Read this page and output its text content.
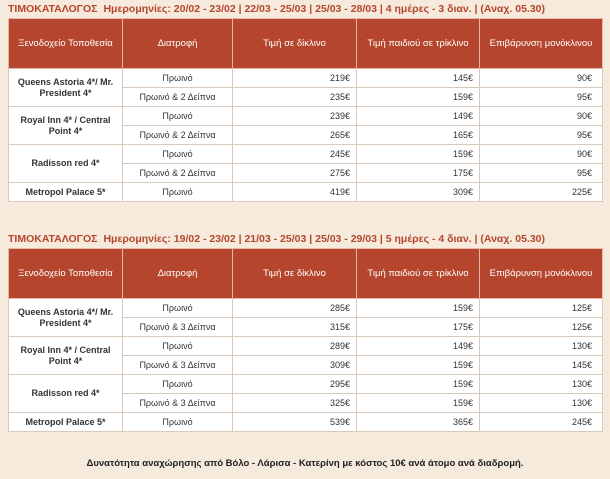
ΤΙΜΟΚΑΤΑΛΟΓΟΣ Ημερομηνίες: 20/02 - 23/02 | 22/03 - 25/03 | 25/03 - 28/03 | 4 ημέρες - 3 διαν. | (Αναχ. 05.30)
Ξενοδοχείο Τοποθεσία	Διατροφή	Τιμή σε δίκλινο	Τιμή παιδιού σε τρίκλινο	Επιβάρυνση μονόκλινου
Queens Astoria 4*/ Mr. President 4*	Πρωινό	219€	145€	90€
	Πρωινό & 2 Δείπνα	235€	159€	95€
Royal Inn 4* / Central Point 4*	Πρωινό	239€	149€	90€
	Πρωινό & 2 Δείπνα	265€	165€	95€
Radisson red 4*	Πρωινό	245€	159€	90€
	Πρωινό & 2 Δείπνα	275€	175€	95€
Metropol Palace 5*	Πρωινό	419€	309€	225€
ΤΙΜΟΚΑΤΑΛΟΓΟΣ Ημερομηνίες: 19/02 - 23/02 | 21/03 - 25/03 | 25/03 - 29/03 | 5 ημέρες - 4 διαν. | (Αναχ. 05.30)
Ξενοδοχείο Τοποθεσία	Διατροφή	Τιμή σε δίκλινο	Τιμή παιδιού σε τρίκλινο	Επιβάρυνση μονόκλινου
Queens Astoria 4*/ Mr. President 4*	Πρωινό	285€	159€	125€
	Πρωινό & 3 Δείπνα	315€	175€	125€
Royal Inn 4* / Central Point 4*	Πρωινό	289€	149€	130€
	Πρωινό & 3 Δείπνα	309€	159€	145€
Radisson red 4*	Πρωινό	295€	159€	130€
	Πρωινό & 3 Δείπνα	325€	159€	130€
Metropol Palace 5*	Πρωινό	539€	365€	245€
Δυνατότητα αναχώρησης από Βόλο - Λάρισα - Κατερίνη με κόστος 10€ ανά άτομο ανά διαδρομή.
